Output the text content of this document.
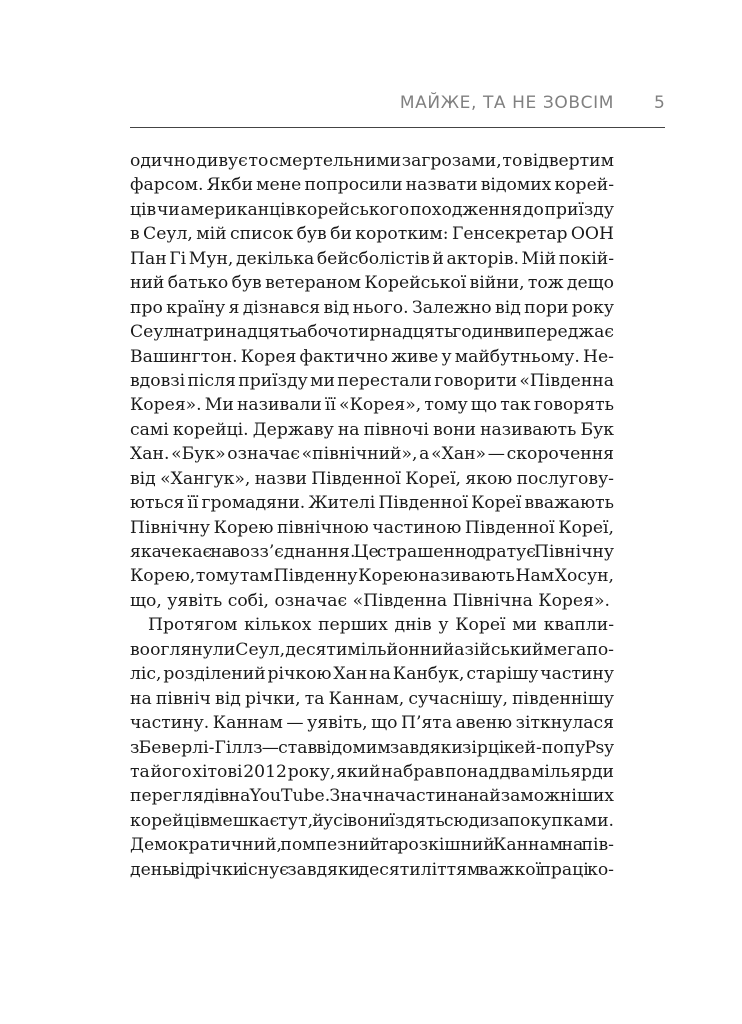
МАЙЖЕ, ТА НЕ ЗОВСІМ 5
одично дивує то смертельними загрозами, то відвертим
фарсом. Якби мене попросили назвати відомих корей-
ців чи американців корейського походження до приїзду
в Сеул, мій список був би коротким: Генсекретар ООН
Пан Гі Мун, декілька бейсболістів й акторів. Мій покій-
ний батько був ветераном Корейської війни, тож дещо
про країну я дізнався від нього. Залежно від пори року
Сеул на тринадцять або чотирнадцять годин випереджає
Вашингтон. Корея фактично живе у майбутньому. Не-
вдовзі після приїзду ми перестали говорити «Південна
Корея». Ми називали її «Корея», тому що так говорять
самі корейці. Державу на півночі вони називають Бук
Хан. «Бук» означає «північний», а «Хан» — скорочення
від «Хангук», назви Південної Кореї, якою послугову-
ються її громадяни. Жителі Південної Кореї вважають
Північну Корею північною частиною Південної Кореї,
яка чекає на возз’єднання. Це страшенно дратує Північну
Корею, тому там Південну Корею називають Нам Хосун,
що, уявіть собі, означає «Південна Північна Корея».
Протягом кількох перших днів у Кореї ми квапли-
во оглянули Сеул, десятимільйонний азійський мегапо-
ліс, розділений річкою Хан на Канбук, старішу частину
на північ від річки, та Каннам, сучаснішу, південнішу
частину. Каннам — уявіть, що П’ята авеню зіткнулася
з Беверлі-Гіллз — став відомим завдяки зірці кей-попу Psy
та його хітові 2012 року, який набрав понад два мільярди
переглядів на YouTube. Значна частина найзаможніших
корейців мешкає тут, й усі вони їздять сюди за покупками.
Демократичний, помпезний та розкішний Каннам на пів-
день від річки існує завдяки десятиліттям важкої праці ко-
